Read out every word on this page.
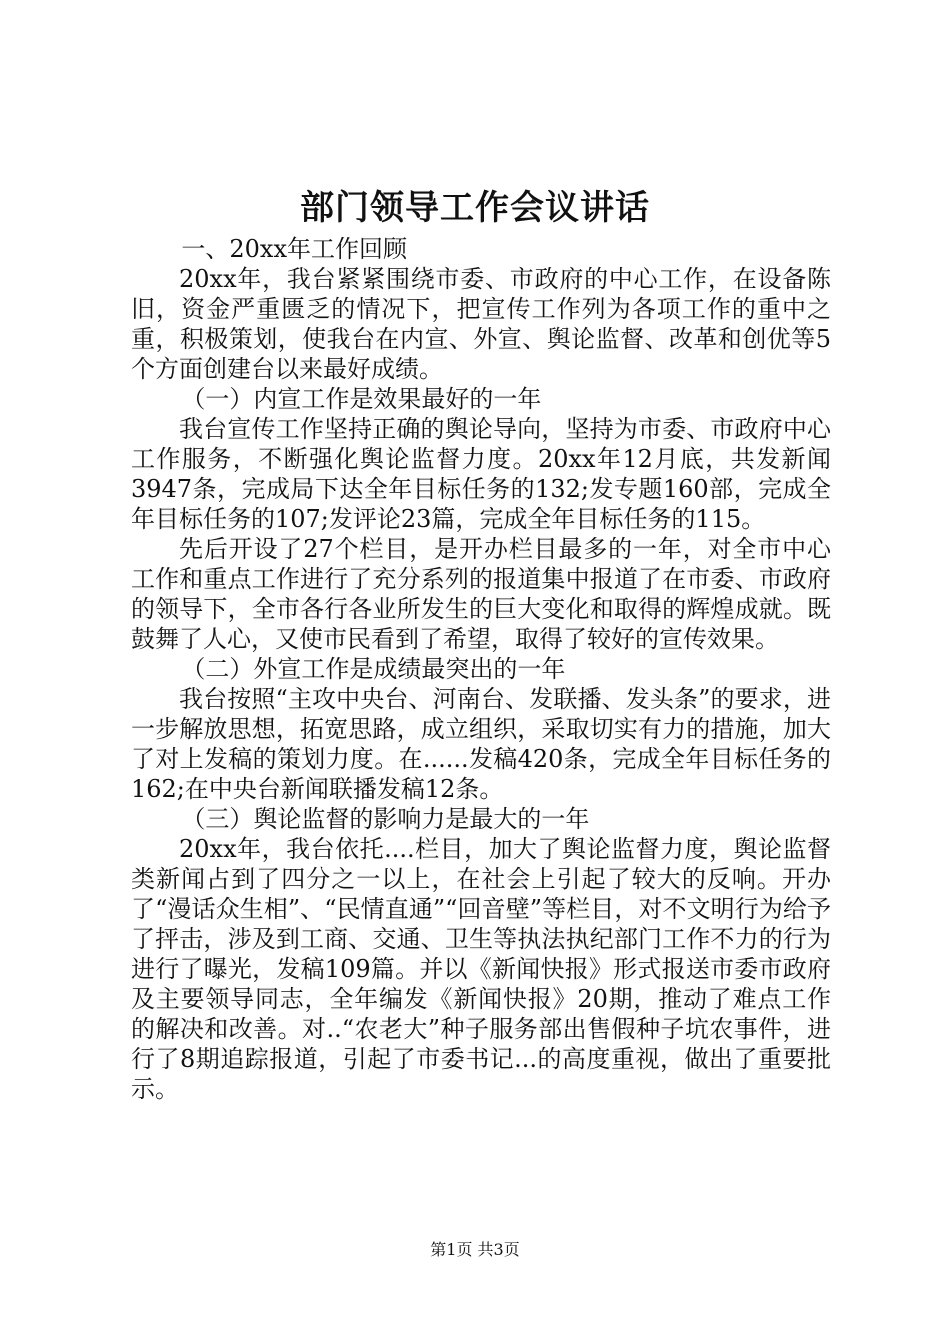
部门领导工作会议讲话

一、20xx年工作回顾

20xx年，我台紧紧围绕市委、市政府的中心工作，在设备陈旧，资金严重匮乏的情况下，把宣传工作列为各项工作的重中之重，积极策划，使我台在内宣、外宣、舆论监督、改革和创优等5个方面创建台以来最好成绩。

（一）内宣工作是效果最好的一年

我台宣传工作坚持正确的舆论导向，坚持为市委、市政府中心工作服务，不断强化舆论监督力度。20xx年12月底，共发新闻3947条，完成局下达全年目标任务的132;发专题160部，完成全年目标任务的107;发评论23篇，完成全年目标任务的115。

先后开设了27个栏目，是开办栏目最多的一年，对全市中心工作和重点工作进行了充分系列的报道集中报道了在市委、市政府的领导下，全市各行各业所发生的巨大变化和取得的辉煌成就。既鼓舞了人心，又使市民看到了希望，取得了较好的宣传效果。

（二）外宣工作是成绩最突出的一年

我台按照“主攻中央台、河南台、发联播、发头条”的要求，进一步解放思想，拓宽思路，成立组织，采取切实有力的措施，加大了对上发稿的策划力度。在......发稿420条，完成全年目标任务的162;在中央台新闻联播发稿12条。

（三）舆论监督的影响力是最大的一年

20xx年，我台依托....栏目，加大了舆论监督力度，舆论监督类新闻占到了四分之一以上，在社会上引起了较大的反响。开办了“漫话众生相”、“民情直通”“回音壁”等栏目，对不文明行为给予了抨击，涉及到工商、交通、卫生等执法执纪部门工作不力的行为进行了曝光，发稿109篇。并以《新闻快报》形式报送市委市政府及主要领导同志，全年编发《新闻快报》20期，推动了难点工作的解决和改善。对..“农老大”种子服务部出售假种子坑农事件，进行了8期追踪报道，引起了市委书记...的高度重视，做出了重要批示。

第1页 共3页
